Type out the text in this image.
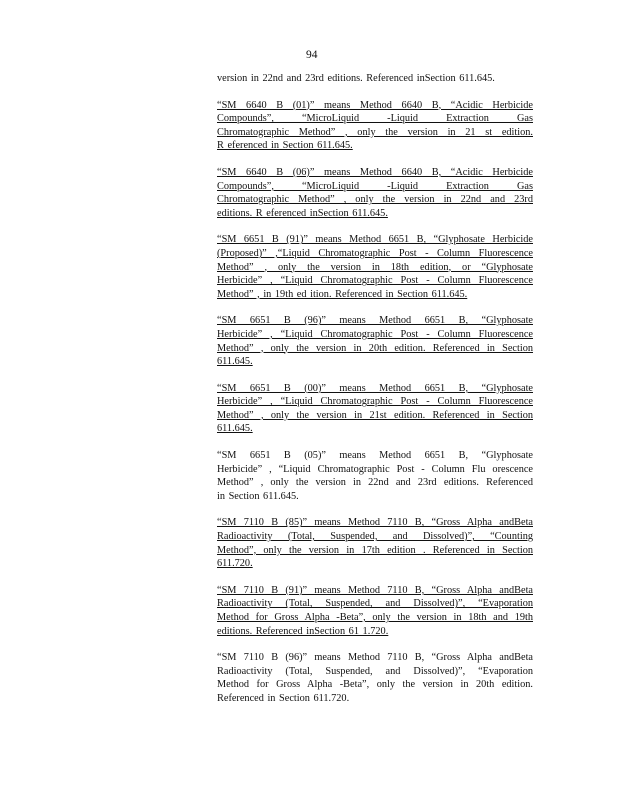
94
version in 22nd and 23rd editions. Referenced inSection 611.645.
“SM 6640 B (01)” means Method 6640 B, “Acidic Herbicide
Compounds”, “MicroLiquid -Liquid Extraction Gas
Chromatographic Method” , only the version in 21 st edition.
R eferenced in Section 611.645.
“SM 6640 B (06)” means Method 6640 B, “Acidic Herbicide
Compounds”, “MicroLiquid -Liquid Extraction Gas
Chromatographic Method” , only the version in 22nd and 23rd
editions. R eferenced inSection 611.645.
“SM 6651 B (91)” means Method 6651 B, “Glyphosate Herbicide
(Proposed)” ,“Liquid Chromatographic Post - Column Fluorescence
Method” , only the version in 18th edition, or “Glyphosate
Herbicide” , “Liquid Chromatographic Post - Column Fluorescence
Method” , in 19th ed ition. Referenced in Section 611.645.
“SM 6651 B (96)” means Method 6651 B, “Glyphosate
Herbicide” , “Liquid Chromatographic Post - Column Fluorescence
Method” , only the version in 20th edition. Referenced in Section
611.645.
“SM 6651 B (00)” means Method 6651 B, “Glyphosate
Herbicide” , “Liquid Chromatographic Post - Column Fluorescence
Method” , only the version in 21st edition. Referenced in Section
611.645.
“SM 6651 B (05)” means Method 6651 B, “Glyphosate
Herbicide” , “Liquid Chromatographic Post - Column Flu orescence
Method” , only the version in 22nd and 23rd editions. Referenced
in Section 611.645.
“SM 7110 B (85)” means Method 7110 B, “Gross Alpha andBeta
Radioactivity (Total, Suspended, and Dissolved)”, “Counting
Method”, only the version in 17th edition . Referenced in Section
611.720.
“SM 7110 B (91)” means Method 7110 B, “Gross Alpha andBeta
Radioactivity (Total, Suspended, and Dissolved)”, “Evaporation
Method for Gross Alpha -Beta”, only the version in 18th and 19th
editions. Referenced inSection 61 1.720.
“SM 7110 B (96)” means Method 7110 B, “Gross Alpha andBeta
Radioactivity (Total, Suspended, and Dissolved)”, “Evaporation
Method for Gross Alpha -Beta”, only the version in 20th edition.
Referenced in Section 611.720.
